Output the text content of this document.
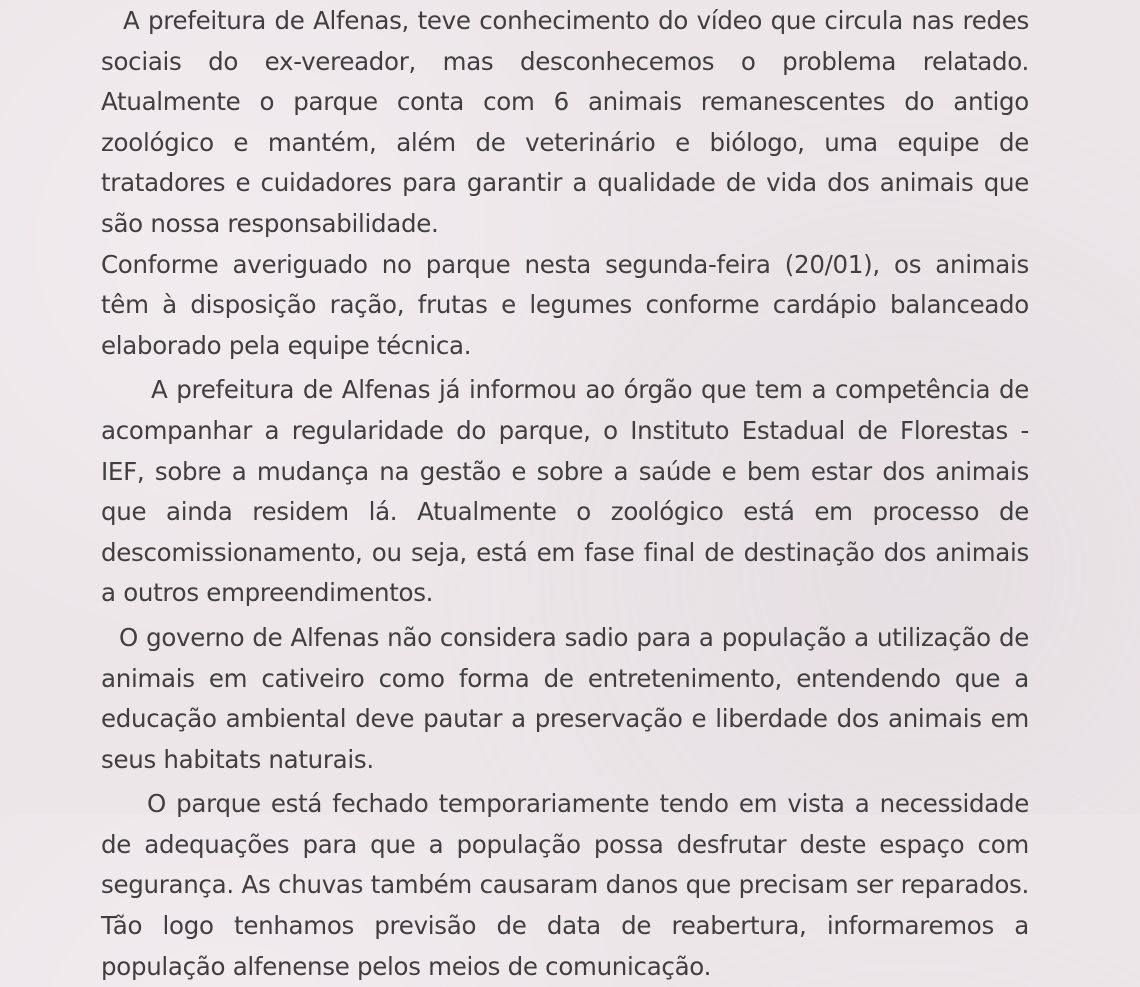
A prefeitura de Alfenas, teve conhecimento do vídeo que circula nas redes sociais do ex-vereador, mas desconhecemos o problema relatado. Atualmente o parque conta com 6 animais remanescentes do antigo zoológico e mantém, além de veterinário e biólogo, uma equipe de tratadores e cuidadores para garantir a qualidade de vida dos animais que são nossa responsabilidade.

Conforme averiguado no parque nesta segunda-feira (20/01), os animais têm à disposição ração, frutas e legumes conforme cardápio balanceado elaborado pela equipe técnica.

A prefeitura de Alfenas já informou ao órgão que tem a competência de acompanhar a regularidade do parque, o Instituto Estadual de Florestas - IEF, sobre a mudança na gestão e sobre a saúde e bem estar dos animais que ainda residem lá. Atualmente o zoológico está em processo de descomissionamento, ou seja, está em fase final de destinação dos animais a outros empreendimentos.

O governo de Alfenas não considera sadio para a população a utilização de animais em cativeiro como forma de entretenimento, entendendo que a educação ambiental deve pautar a preservação e liberdade dos animais em seus habitats naturais.

O parque está fechado temporariamente tendo em vista a necessidade de adequações para que a população possa desfrutar deste espaço com segurança. As chuvas também causaram danos que precisam ser reparados. Tão logo tenhamos previsão de data de reabertura, informaremos a população alfenense pelos meios de comunicação.
